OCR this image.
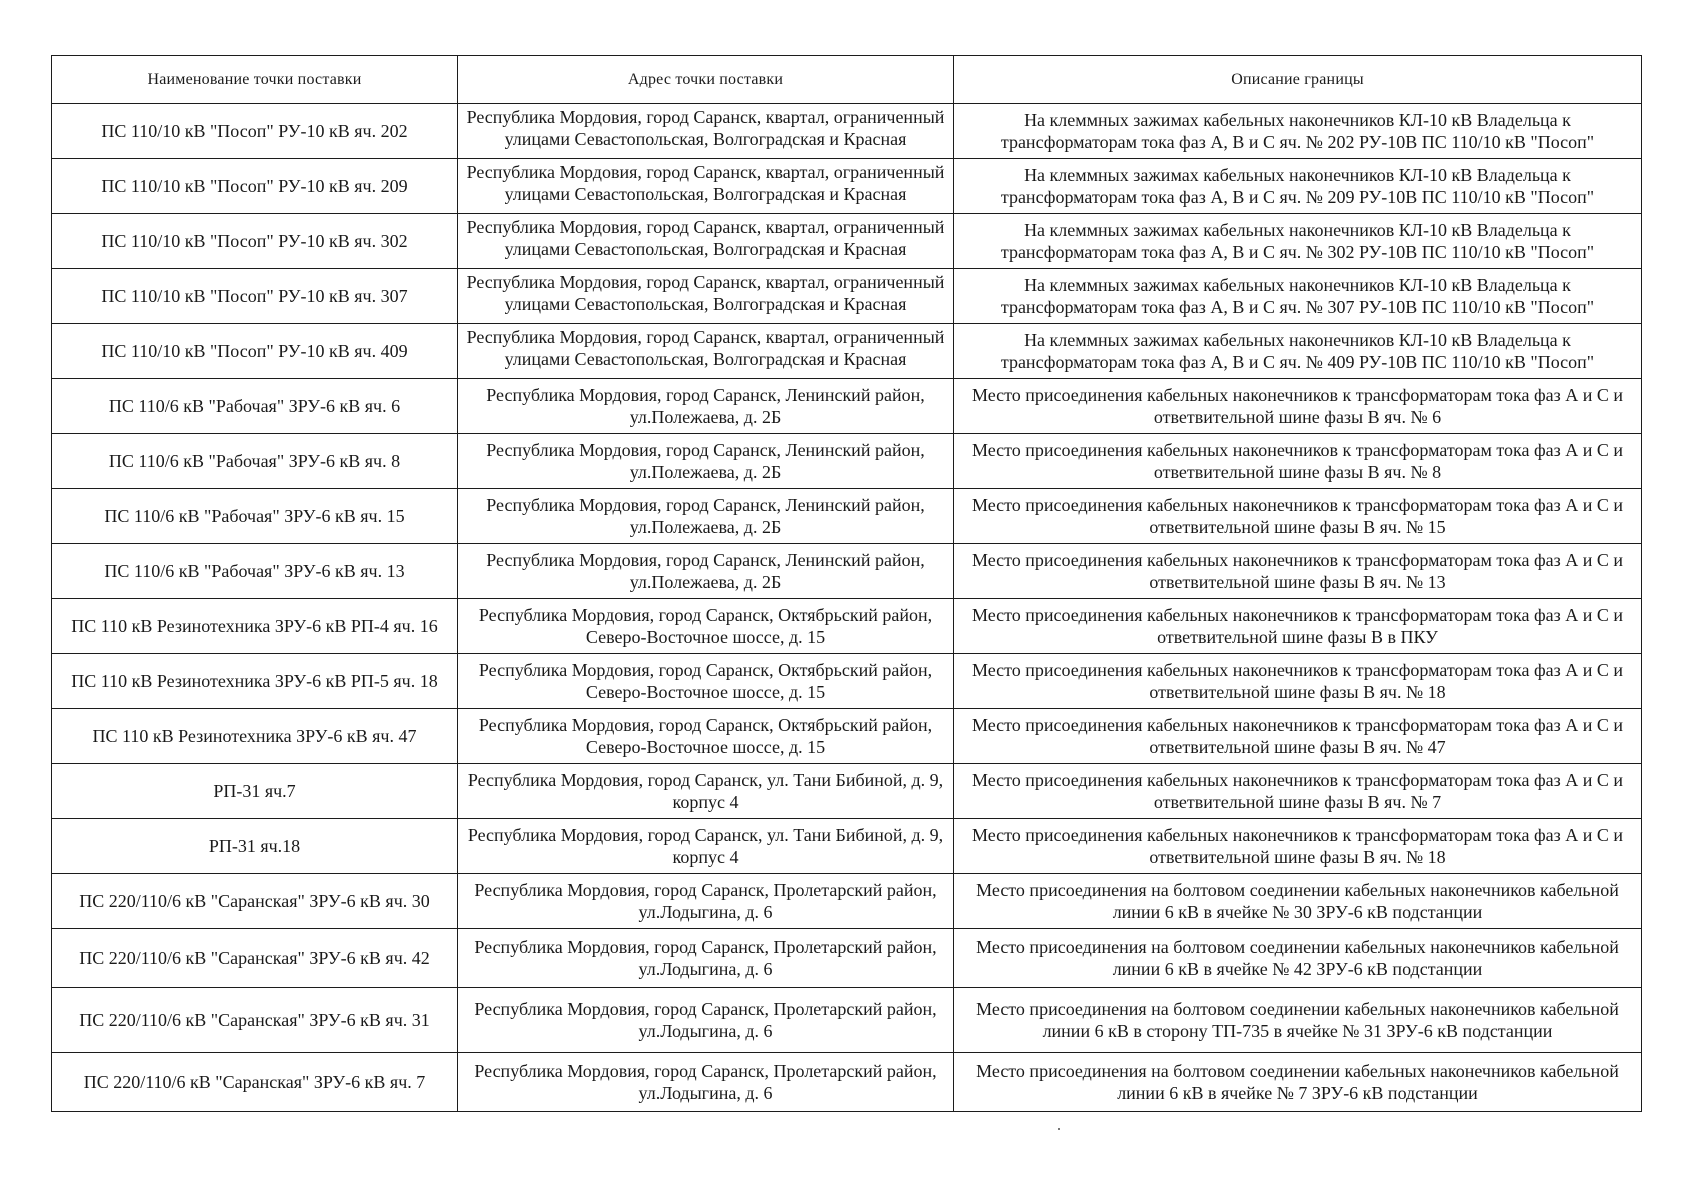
Наименование точки поставки	Адрес точки поставки	Описание границы
ПС 110/10 кВ "Посоп" РУ-10 кВ яч. 202	Республика Мордовия, город Саранск, квартал, ограниченный улицами Севастопольская, Волгоградская и Красная	На клеммных зажимах кабельных наконечников КЛ-10 кВ Владельца к трансформаторам тока фаз А, В и С яч. № 202 РУ-10В ПС 110/10 кВ "Посоп"
ПС 110/10 кВ "Посоп" РУ-10 кВ яч. 209	Республика Мордовия, город Саранск, квартал, ограниченный улицами Севастопольская, Волгоградская и Красная	На клеммных зажимах кабельных наконечников КЛ-10 кВ Владельца к трансформаторам тока фаз А, В и С яч. № 209 РУ-10В ПС 110/10 кВ "Посоп"
ПС 110/10 кВ "Посоп" РУ-10 кВ яч. 302	Республика Мордовия, город Саранск, квартал, ограниченный улицами Севастопольская, Волгоградская и Красная	На клеммных зажимах кабельных наконечников КЛ-10 кВ Владельца к трансформаторам тока фаз А, В и С яч. № 302 РУ-10В ПС 110/10 кВ "Посоп"
ПС 110/10 кВ "Посоп" РУ-10 кВ яч. 307	Республика Мордовия, город Саранск, квартал, ограниченный улицами Севастопольская, Волгоградская и Красная	На клеммных зажимах кабельных наконечников КЛ-10 кВ Владельца к трансформаторам тока фаз А, В и С яч. № 307 РУ-10В ПС 110/10 кВ "Посоп"
ПС 110/10 кВ "Посоп" РУ-10 кВ яч. 409	Республика Мордовия, город Саранск, квартал, ограниченный улицами Севастопольская, Волгоградская и Красная	На клеммных зажимах кабельных наконечников КЛ-10 кВ Владельца к трансформаторам тока фаз А, В и С яч. № 409 РУ-10В ПС 110/10 кВ "Посоп"
ПС 110/6 кВ "Рабочая" ЗРУ-6 кВ яч. 6	Республика Мордовия, город Саранск, Ленинский район, ул.Полежаева, д. 2Б	Место присоединения кабельных наконечников к трансформаторам тока фаз А и С и ответвительной шине фазы В яч. № 6
ПС 110/6 кВ "Рабочая" ЗРУ-6 кВ яч. 8	Республика Мордовия, город Саранск, Ленинский район, ул.Полежаева, д. 2Б	Место присоединения кабельных наконечников к трансформаторам тока фаз А и С и ответвительной шине фазы В яч. № 8
ПС 110/6 кВ "Рабочая" ЗРУ-6 кВ яч. 15	Республика Мордовия, город Саранск, Ленинский район, ул.Полежаева, д. 2Б	Место присоединения кабельных наконечников к трансформаторам тока фаз А и С и ответвительной шине фазы В яч. № 15
ПС 110/6 кВ "Рабочая" ЗРУ-6 кВ яч. 13	Республика Мордовия, город Саранск, Ленинский район, ул.Полежаева, д. 2Б	Место присоединения кабельных наконечников к трансформаторам тока фаз А и С и ответвительной шине фазы В яч. № 13
ПС 110 кВ Резинотехника ЗРУ-6 кВ РП-4 яч. 16	Республика Мордовия, город Саранск, Октябрьский район, Северо-Восточное шоссе, д. 15	Место присоединения кабельных наконечников к трансформаторам тока фаз А и С и ответвительной шине фазы В в ПКУ
ПС 110 кВ Резинотехника ЗРУ-6 кВ РП-5 яч. 18	Республика Мордовия, город Саранск, Октябрьский район, Северо-Восточное шоссе, д. 15	Место присоединения кабельных наконечников к трансформаторам тока фаз А и С и ответвительной шине фазы В яч. № 18
ПС 110 кВ Резинотехника ЗРУ-6 кВ яч. 47	Республика Мордовия, город Саранск, Октябрьский район, Северо-Восточное шоссе, д. 15	Место присоединения кабельных наконечников к трансформаторам тока фаз А и С и ответвительной шине фазы В яч. № 47
РП-31 яч.7	Республика Мордовия, город Саранск, ул. Тани Бибиной, д. 9, корпус 4	Место присоединения кабельных наконечников к трансформаторам тока фаз А и С и ответвительной шине фазы В яч. № 7
РП-31 яч.18	Республика Мордовия, город Саранск, ул. Тани Бибиной, д. 9, корпус 4	Место присоединения кабельных наконечников к трансформаторам тока фаз А и С и ответвительной шине фазы В яч. № 18
ПС 220/110/6 кВ "Саранская" ЗРУ-6 кВ яч. 30	Республика Мордовия, город Саранск, Пролетарский район, ул.Лодыгина, д. 6	Место присоединения на болтовом соединении кабельных наконечников кабельной линии 6 кВ в ячейке № 30 ЗРУ-6 кВ подстанции
ПС 220/110/6 кВ "Саранская" ЗРУ-6 кВ яч. 42	Республика Мордовия, город Саранск, Пролетарский район, ул.Лодыгина, д. 6	Место присоединения на болтовом соединении кабельных наконечников кабельной линии 6 кВ в ячейке № 42 ЗРУ-6 кВ подстанции
ПС 220/110/6 кВ "Саранская" ЗРУ-6 кВ яч. 31	Республика Мордовия, город Саранск, Пролетарский район, ул.Лодыгина, д. 6	Место присоединения на болтовом соединении кабельных наконечников кабельной линии 6 кВ в сторону ТП-735 в ячейке № 31 ЗРУ-6 кВ подстанции
ПС 220/110/6 кВ "Саранская" ЗРУ-6 кВ яч. 7	Республика Мордовия, город Саранск, Пролетарский район, ул.Лодыгина, д. 6	Место присоединения на болтовом соединении кабельных наконечников кабельной линии 6 кВ в ячейке № 7 ЗРУ-6 кВ подстанции
